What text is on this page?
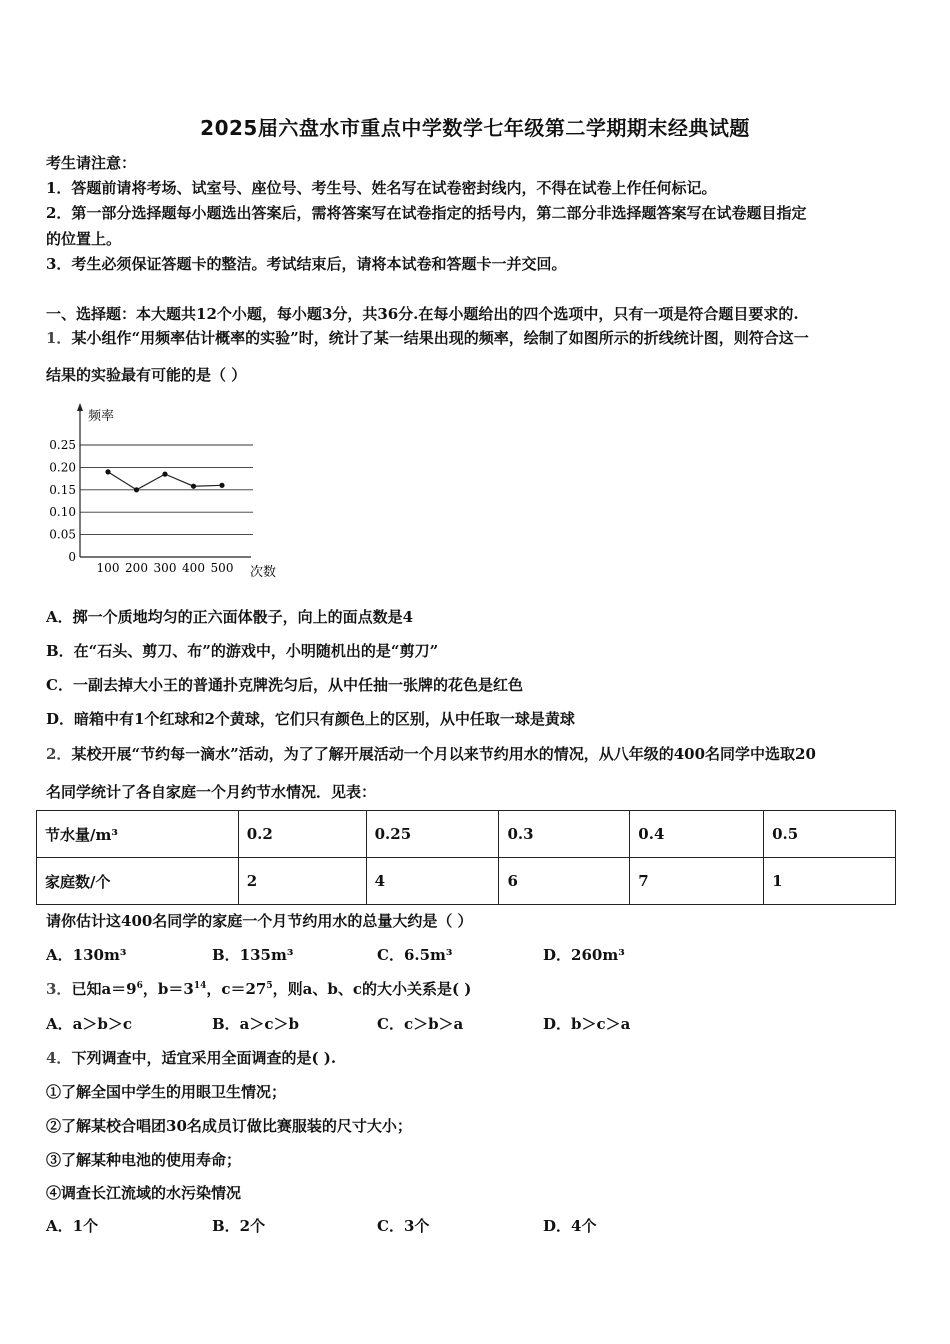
2025届六盘水市重点中学数学七年级第二学期期末经典试题
考生请注意：
1．答题前请将考场、试室号、座位号、考生号、姓名写在试卷密封线内，不得在试卷上作任何标记。
2．第一部分选择题每小题选出答案后，需将答案写在试卷指定的括号内，第二部分非选择题答案写在试卷题目指定
的位置上。
3．考生必须保证答题卡的整洁。考试结束后，请将本试卷和答题卡一并交回。
一、选择题：本大题共12个小题，每小题3分，共36分.在每小题给出的四个选项中，只有一项是符合题目要求的.
1．某小组作“用频率估计概率的实验”时，统计了某一结果出现的频率，绘制了如图所示的折线统计图，则符合这一
结果的实验最有可能的是（ ）
频率
次数
0
0.05
0.10
0.15
0.20
0.25
100 200 300 400 500
A．掷一个质地均匀的正六面体骰子，向上的面点数是4
B．在“石头、剪刀、布”的游戏中，小明随机出的是“剪刀”
C．一副去掉大小王的普通扑克牌洗匀后，从中任抽一张牌的花色是红色
D．暗箱中有1个红球和2个黄球，它们只有颜色上的区别，从中任取一球是黄球
2．某校开展“节约每一滴水”活动，为了了解开展活动一个月以来节约用水的情况，从八年级的400名同学中选取20
名同学统计了各自家庭一个月约节水情况．见表：
节水量/m³	0.2	0.25	0.3	0.4	0.5
家庭数/个	2	4	6	7	1
请你估计这400名同学的家庭一个月节约用水的总量大约是（ ）
A．130m³	B．135m³	C．6.5m³	D．260m³
3．已知$a=9^6$，$b=3^{14}$，$c=27^5$，则a、b、c的大小关系是( )
A．a＞b＞c	B．a＞c＞b	C．c＞b＞a	D．b＞c＞a
4．下列调查中，适宜采用全面调查的是( ).
①了解全国中学生的用眼卫生情况；
②了解某校合唱团30名成员订做比赛服装的尺寸大小；
③了解某种电池的使用寿命；
④调查长江流域的水污染情况
A．1个	B．2个	C．3个	D．4个
